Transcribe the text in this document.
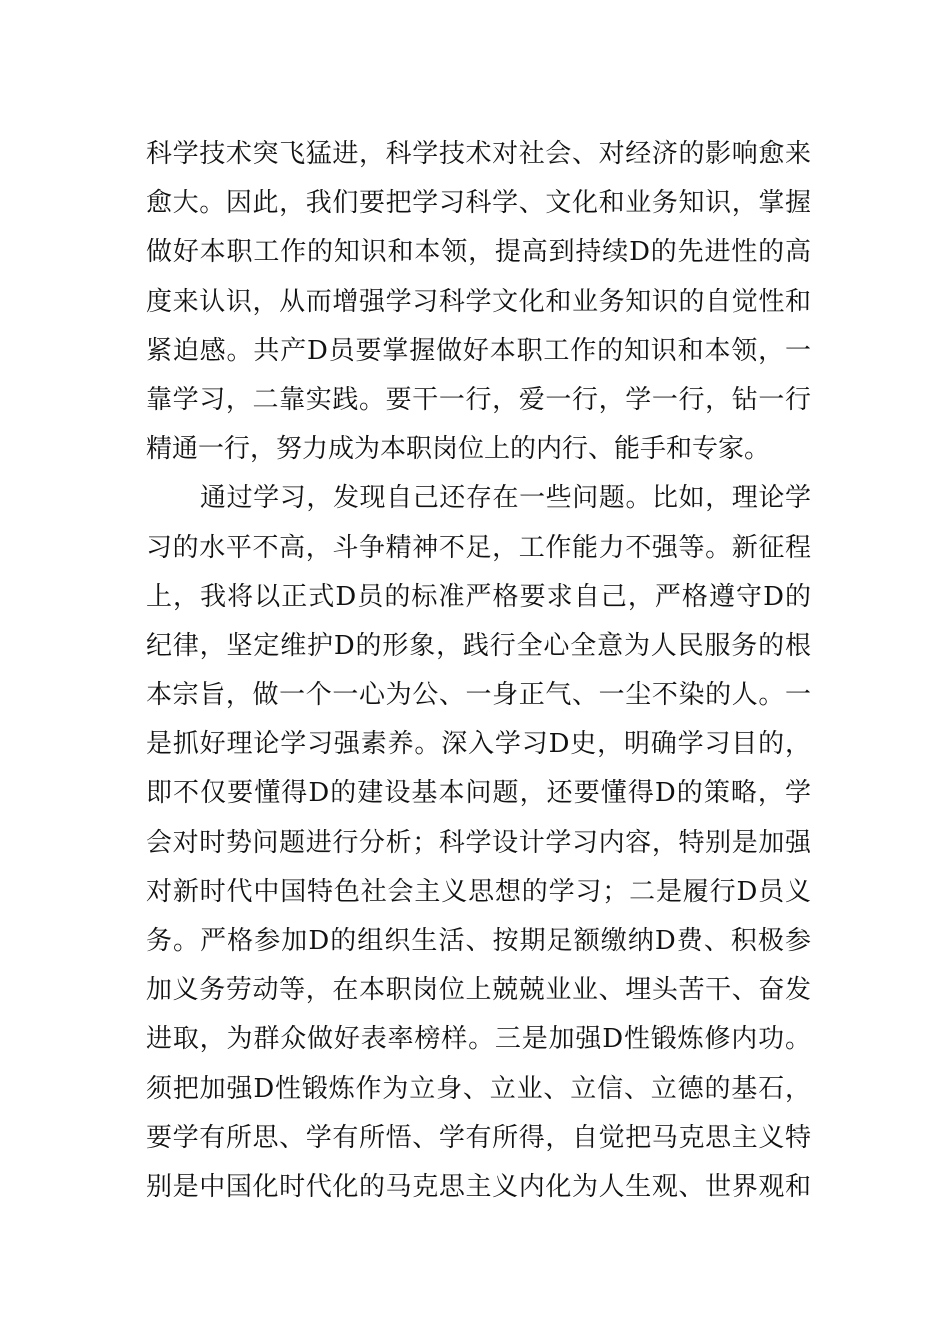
科学技术突飞猛进，科学技术对社会、对经济的影响愈来
愈大。因此，我们要把学习科学、文化和业务知识，掌握
做好本职工作的知识和本领，提高到持续D的先进性的高
度来认识，从而增强学习科学文化和业务知识的自觉性和
紧迫感。共产D员要掌握做好本职工作的知识和本领，一
靠学习，二靠实践。要干一行，爱一行，学一行，钻一行
精通一行，努力成为本职岗位上的内行、能手和专家。
通过学习，发现自己还存在一些问题。比如，理论学
习的水平不高，斗争精神不足，工作能力不强等。新征程
上，我将以正式D员的标准严格要求自己，严格遵守D的
纪律，坚定维护D的形象，践行全心全意为人民服务的根
本宗旨，做一个一心为公、一身正气、一尘不染的人。一
是抓好理论学习强素养。深入学习D史，明确学习目的，
即不仅要懂得D的建设基本问题，还要懂得D的策略，学
会对时势问题进行分析；科学设计学习内容，特别是加强
对新时代中国特色社会主义思想的学习；二是履行D员义
务。严格参加D的组织生活、按期足额缴纳D费、积极参
加义务劳动等，在本职岗位上兢兢业业、埋头苦干、奋发
进取，为群众做好表率榜样。三是加强D性锻炼修内功。
须把加强D性锻炼作为立身、立业、立信、立德的基石，
要学有所思、学有所悟、学有所得，自觉把马克思主义特
别是中国化时代化的马克思主义内化为人生观、世界观和
